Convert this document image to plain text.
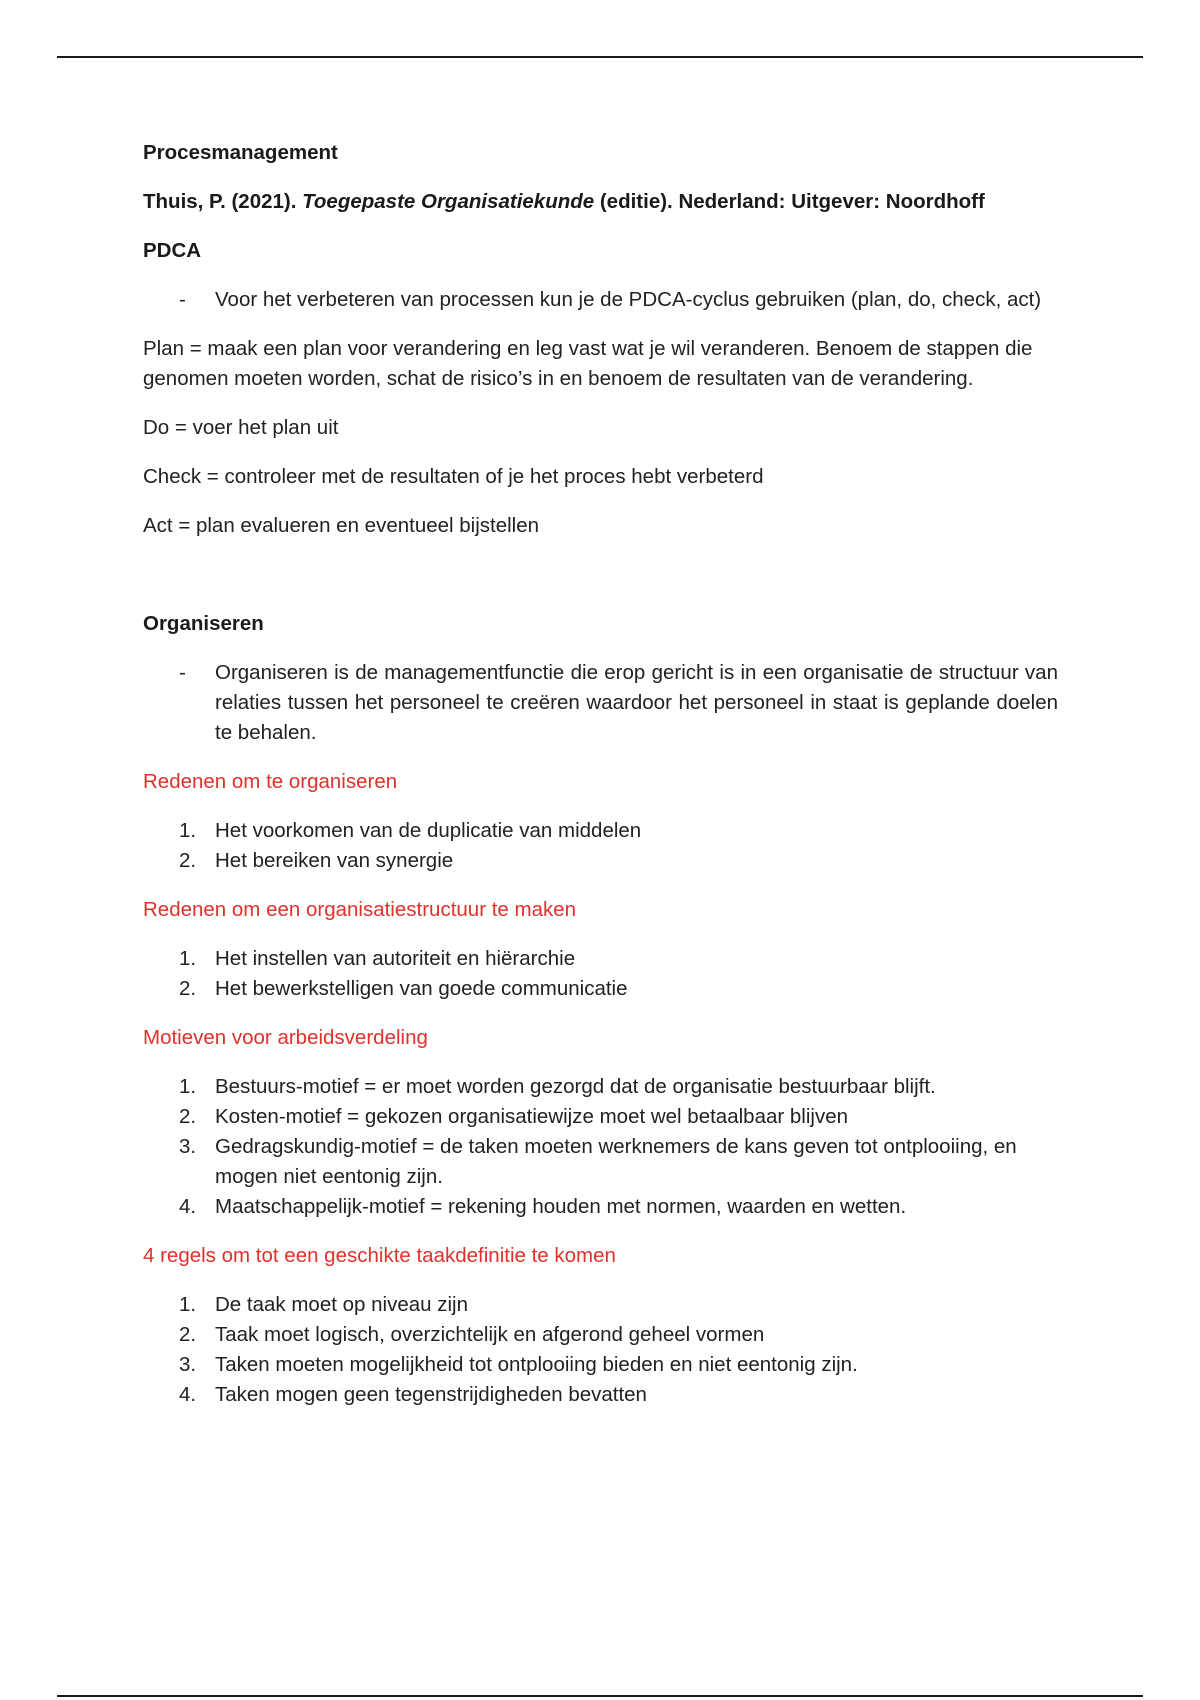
Procesmanagement

Thuis, P. (2021). Toegepaste Organisatiekunde (editie). Nederland: Uitgever: Noordhoff

PDCA

- Voor het verbeteren van processen kun je de PDCA-cyclus gebruiken (plan, do, check, act)

Plan = maak een plan voor verandering en leg vast wat je wil veranderen. Benoem de stappen die genomen moeten worden, schat de risico’s in en benoem de resultaten van de verandering.

Do = voer het plan uit

Check = controleer met de resultaten of je het proces hebt verbeterd

Act = plan evalueren en eventueel bijstellen

Organiseren

- Organiseren is de managementfunctie die erop gericht is in een organisatie de structuur van relaties tussen het personeel te creëren waardoor het personeel in staat is geplande doelen te behalen.

Redenen om te organiseren

1. Het voorkomen van de duplicatie van middelen
2. Het bereiken van synergie

Redenen om een organisatiestructuur te maken

1. Het instellen van autoriteit en hiërarchie
2. Het bewerkstelligen van goede communicatie

Motieven voor arbeidsverdeling

1. Bestuurs-motief = er moet worden gezorgd dat de organisatie bestuurbaar blijft.
2. Kosten-motief = gekozen organisatiewijze moet wel betaalbaar blijven
3. Gedragskundig-motief = de taken moeten werknemers de kans geven tot ontplooiing, en mogen niet eentonig zijn.
4. Maatschappelijk-motief = rekening houden met normen, waarden en wetten.

4 regels om tot een geschikte taakdefinitie te komen

1. De taak moet op niveau zijn
2. Taak moet logisch, overzichtelijk en afgerond geheel vormen
3. Taken moeten mogelijkheid tot ontplooiing bieden en niet eentonig zijn.
4. Taken mogen geen tegenstrijdigheden bevatten
